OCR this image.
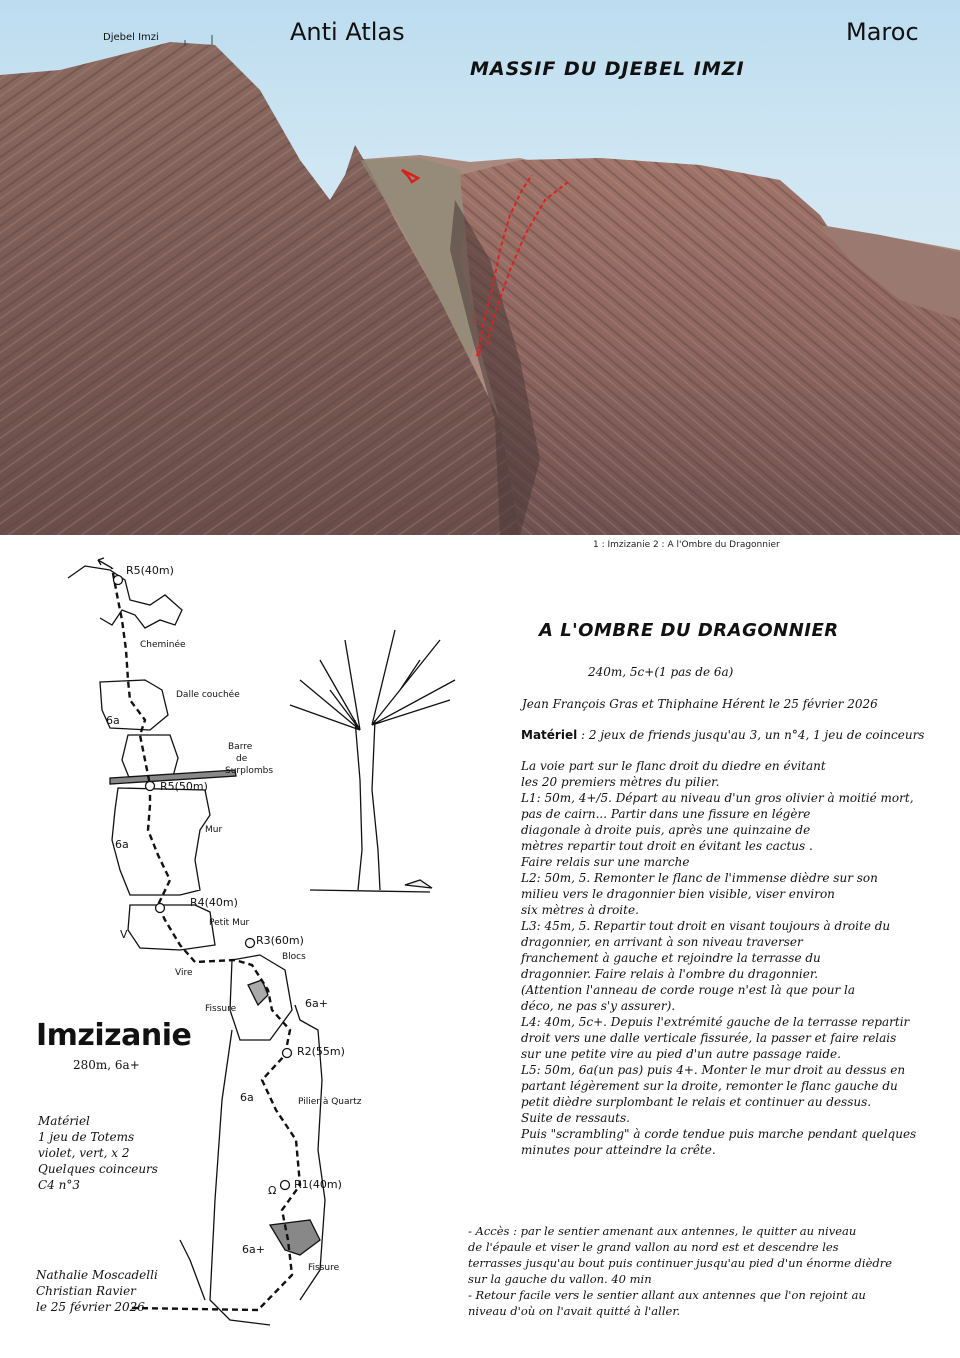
Djebel Imzi	Anti Atlas	Maroc
MASSIF DU DJEBEL IMZI
1
2
1 : Imzizanie 2 : A l'Ombre du Dragonnier
R5(40m)
R5(50m)
R4(40m)
R3(60m)
R2(55m)
R1(40m)
Cheminée
Dalle couchée
Barre
de
Surplombs
Mur
Petit Mur
Vire
Blocs
Fissure
Pilier à Quartz
Fissure
6a
6a
V
6a+
6a
6a+
Ω
Imzizanie
280m, 6a+
Matériel
1 jeu de Totems
violet, vert, x 2
Quelques coinceurs
C4 n°3
Nathalie Moscadelli
Christian Ravier
le 25 février 2026
A L'OMBRE DU DRAGONNIER
240m, 5c+(1 pas de 6a)
Jean François Gras et Thiphaine Hérent le 25 février 2026
Matériel : 2 jeux de friends jusqu'au 3, un n°4, 1 jeu de coinceurs
La voie part sur le flanc droit du diedre en évitant
les 20 premiers mètres du pilier.
L1: 50m, 4+/5. Départ au niveau d'un gros olivier à moitié mort,
pas de cairn... Partir dans une fissure en légère
diagonale à droite puis, après une quinzaine de
mètres repartir tout droit en évitant les cactus .
Faire relais sur une marche
L2: 50m, 5. Remonter le flanc de l'immense dièdre sur son
milieu vers le dragonnier bien visible, viser environ
six mètres à droite.
L3: 45m, 5. Repartir tout droit en visant toujours à droite du
dragonnier, en arrivant à son niveau traverser
franchement à gauche et rejoindre la terrasse du
dragonnier. Faire relais à l'ombre du dragonnier.
(Attention l'anneau de corde rouge n'est là que pour la
déco, ne pas s'y assurer).
L4: 40m, 5c+. Depuis l'extrémité gauche de la terrasse repartir
droit vers une dalle verticale fissurée, la passer et faire relais
sur une petite vire au pied d'un autre passage raide.
L5: 50m, 6a(un pas) puis 4+. Monter le mur droit au dessus en
partant légèrement sur la droite, remonter le flanc gauche du
petit dièdre surplombant le relais et continuer au dessus.
Suite de ressauts.
Puis "scrambling" à corde tendue puis marche pendant quelques
minutes pour atteindre la crête.
- Accès : par le sentier amenant aux antennes, le quitter au niveau
de l'épaule et viser le grand vallon au nord est et descendre les
terrasses jusqu'au bout puis continuer jusqu'au pied d'un énorme dièdre
sur la gauche du vallon. 40 min
- Retour facile vers le sentier allant aux antennes que l'on rejoint au
niveau d'où on l'avait quitté à l'aller.
